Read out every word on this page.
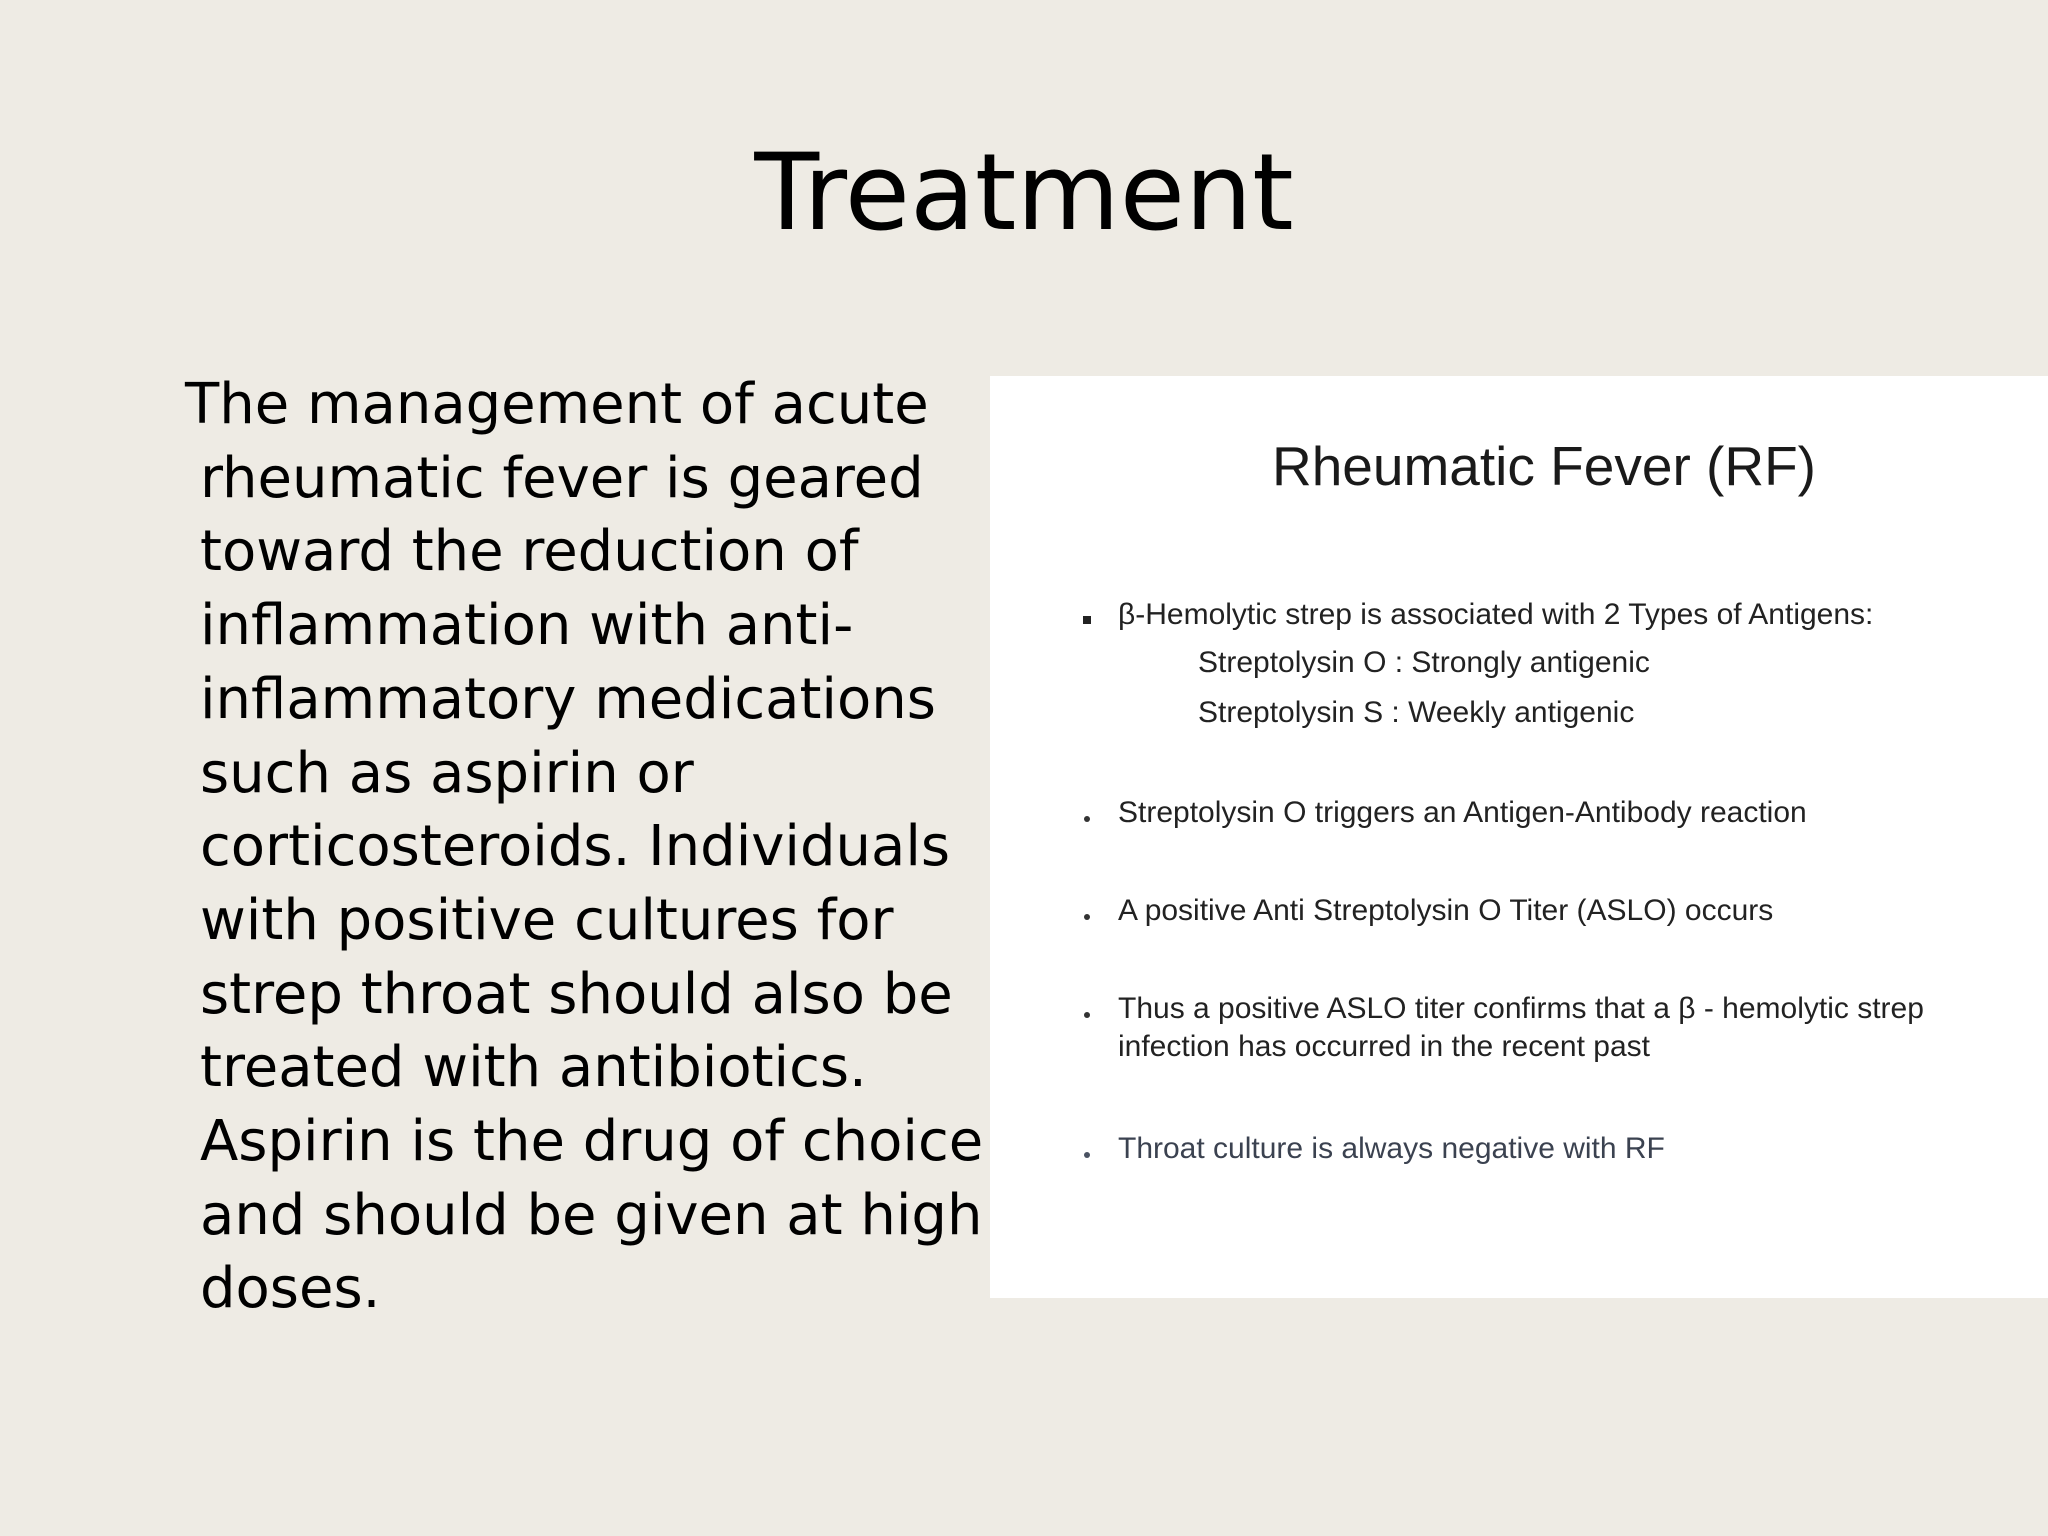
Treatment
The management of acute rheumatic fever is geared toward the reduction of inflammation with anti-inflammatory medications such as aspirin or corticosteroids. Individuals with positive cultures for strep throat should also be treated with antibiotics. Aspirin is the drug of choice and should be given at high doses.
Rheumatic Fever (RF)
β-Hemolytic strep is associated with 2 Types of Antigens:
Streptolysin O : Strongly antigenic
Streptolysin S : Weekly antigenic
Streptolysin O triggers an Antigen-Antibody reaction
A positive Anti Streptolysin O Titer (ASLO) occurs
Thus a positive ASLO titer confirms that a β - hemolytic strep infection has occurred in the recent past
Throat culture is always negative with RF
